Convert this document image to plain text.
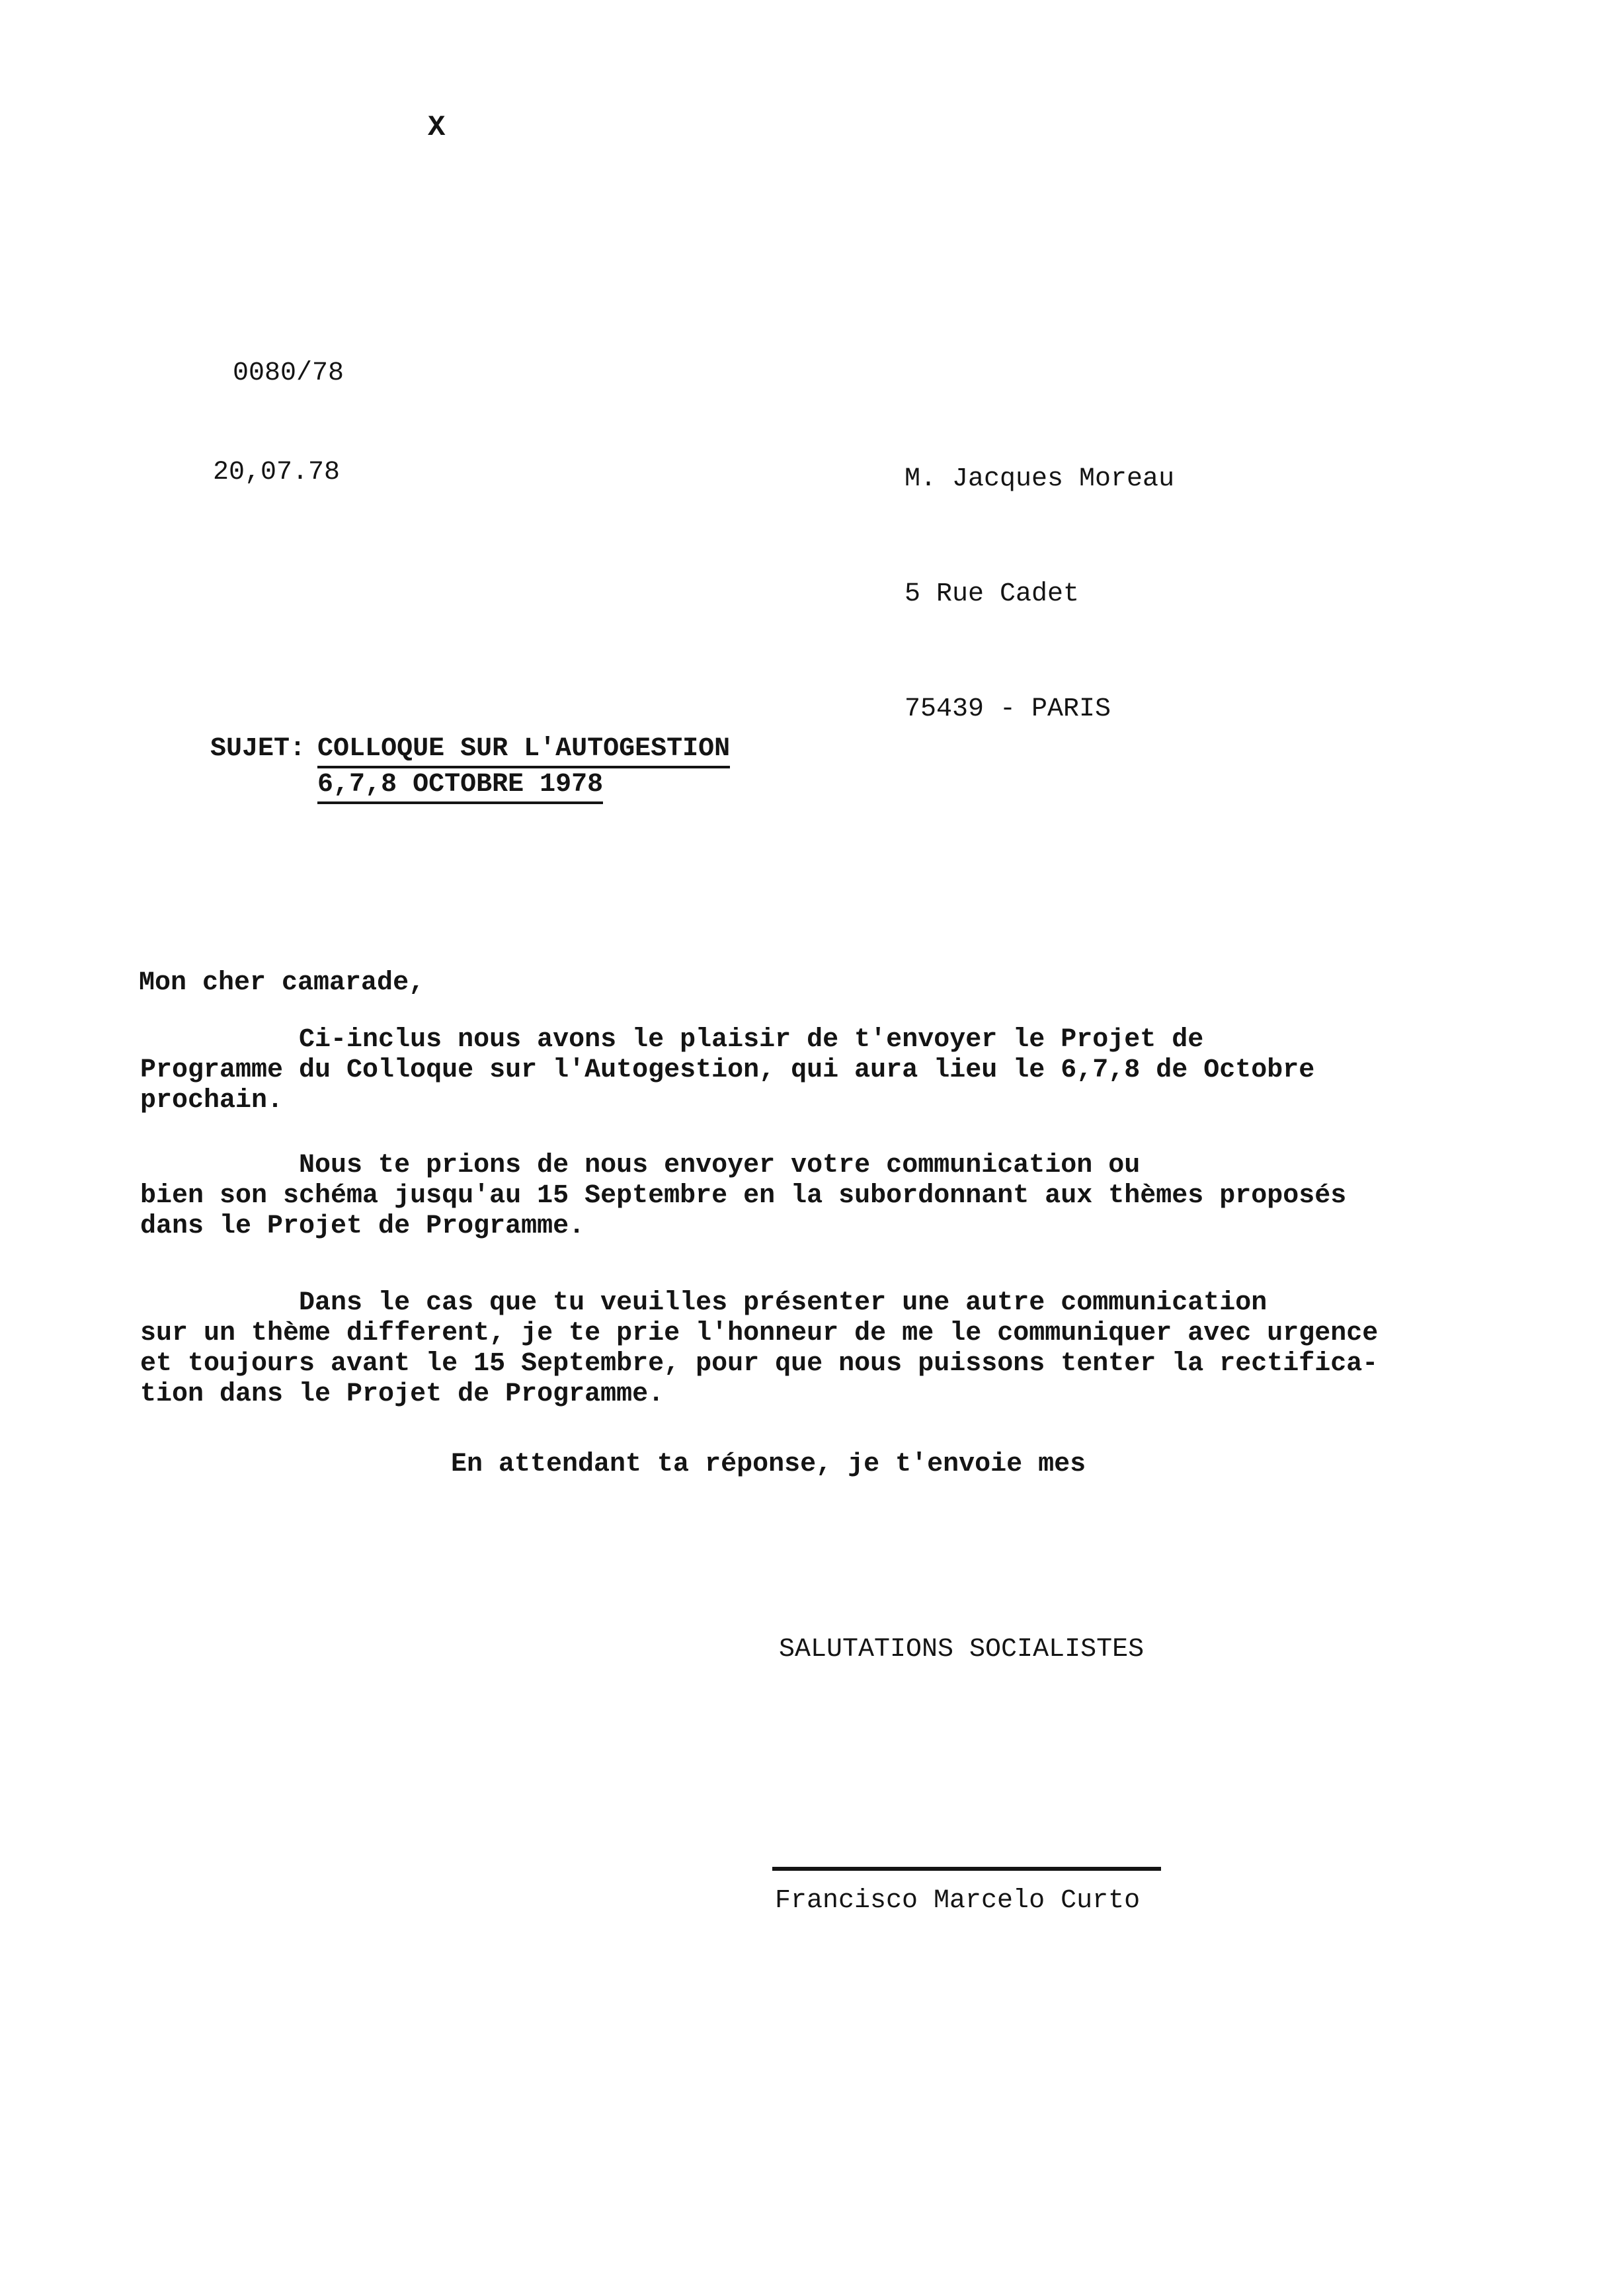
X
0080/78
20,07.78

	M. Jacques Moreau

5 Rue Cadet

75439 - PARIS

SUJET: COLLOQUE SUR L'AUTOGESTION
6,7,8 OCTOBRE 1978

Mon cher camarade,

Ci-inclus nous avons le plaisir de t'envoyer le Projet de

Programme du Colloque sur l'Autogestion, qui aura lieu le 6,7,8 de Octobre

prochain.

Nous te prions de nous envoyer votre communication ou

bien son schéma jusqu'au 15 Septembre en la subordonnant aux thèmes proposés

dans le Projet de Programme.

Dans le cas que tu veuilles présenter une autre communication

sur un thème different, je te prie l'honneur de me le communiquer avec urgence

et toujours avant le 15 Septembre, pour que nous puissons tenter la rectifica-

tion dans le Projet de Programme.

En attendant ta réponse, je t'envoie mes
SALUTATIONS SOCIALISTES
Francisco Marcelo Curto
